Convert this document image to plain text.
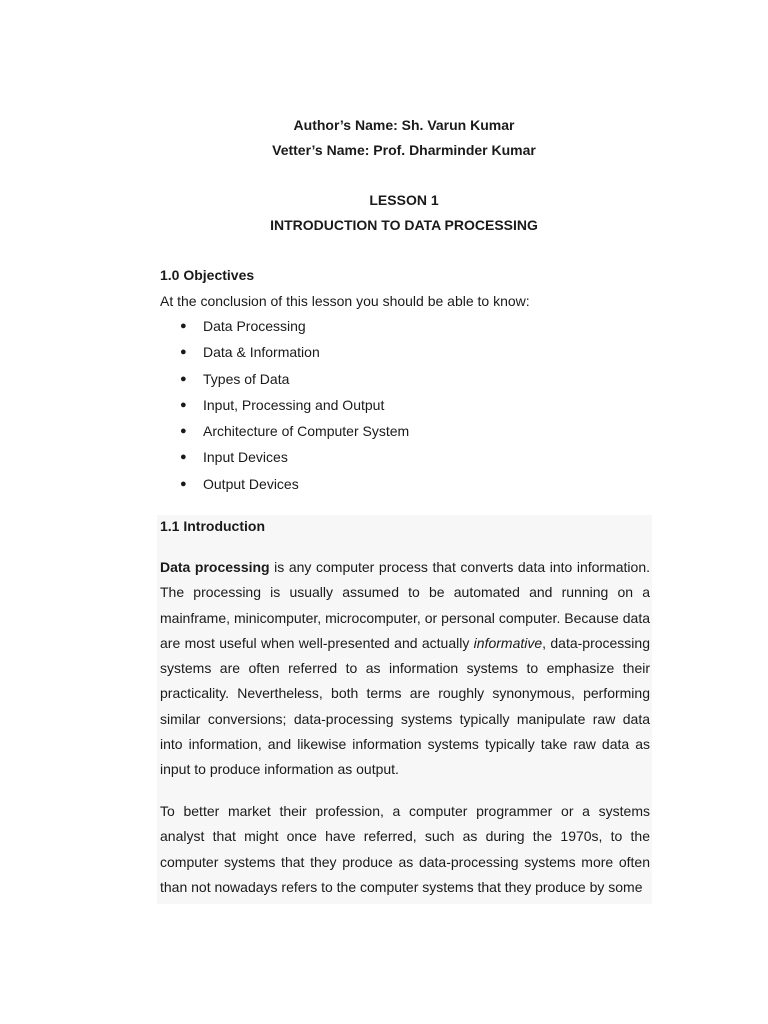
Author’s Name: Sh. Varun Kumar
Vetter’s Name: Prof. Dharminder Kumar
LESSON 1
INTRODUCTION TO DATA PROCESSING
1.0 Objectives
At the conclusion of this lesson you should be able to know:
● Data Processing
● Data & Information
● Types of Data
● Input, Processing and Output
● Architecture of Computer System
● Input Devices
● Output Devices
1.1 Introduction

Data processing is any computer process that converts data into information. The processing is usually assumed to be automated and running on a mainframe, minicomputer, microcomputer, or personal computer. Because data are most useful when well-presented and actually informative, data-processing systems are often referred to as information systems to emphasize their practicality. Nevertheless, both terms are roughly synonymous, performing similar conversions; data-processing systems typically manipulate raw data into information, and likewise information systems typically take raw data as input to produce information as output.

To better market their profession, a computer programmer or a systems analyst that might once have referred, such as during the 1970s, to the computer systems that they produce as data-processing systems more often than not nowadays refers to the computer systems that they produce by some
